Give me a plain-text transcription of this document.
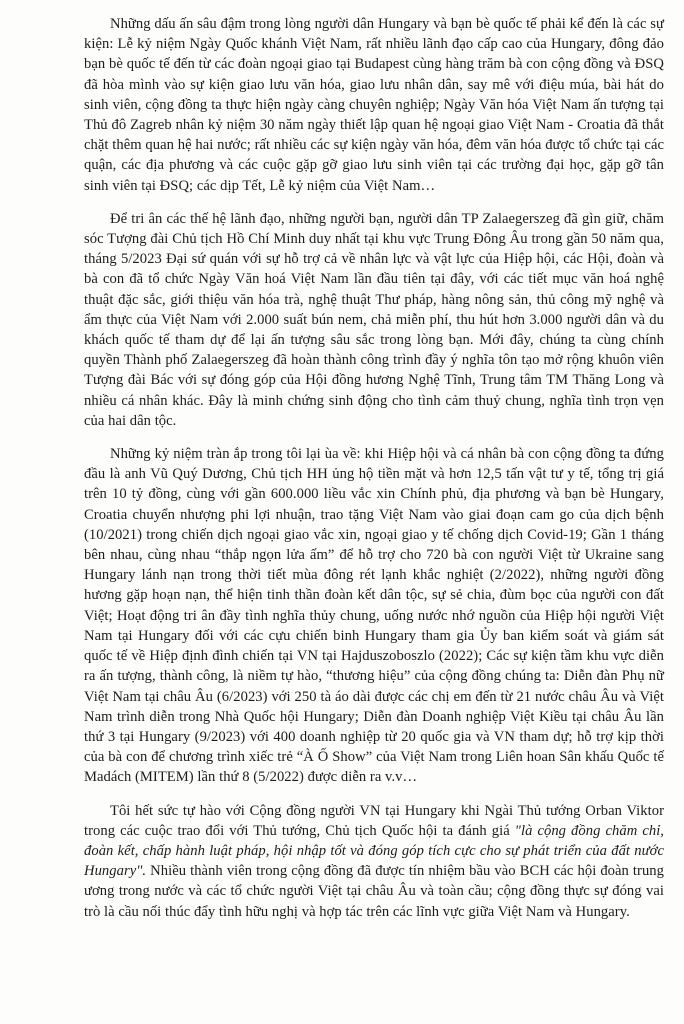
Những dấu ấn sâu đậm trong lòng người dân Hungary và bạn bè quốc tế phải kể đến là các sự kiện: Lễ kỷ niệm Ngày Quốc khánh Việt Nam, rất nhiều lãnh đạo cấp cao của Hungary, đông đảo bạn bè quốc tế đến từ các đoàn ngoại giao tại Budapest cùng hàng trăm bà con cộng đồng và ĐSQ đã hòa mình vào sự kiện giao lưu văn hóa, giao lưu nhân dân, say mê với điệu múa, bài hát do sinh viên, cộng đồng ta thực hiện ngày càng chuyên nghiệp; Ngày Văn hóa Việt Nam ấn tượng tại Thủ đô Zagreb nhân kỷ niệm 30 năm ngày thiết lập quan hệ ngoại giao Việt Nam - Croatia đã thắt chặt thêm quan hệ hai nước; rất nhiều các sự kiện ngày văn hóa, đêm văn hóa được tổ chức tại các quận, các địa phương và các cuộc gặp gỡ giao lưu sinh viên tại các trường đại học, gặp gỡ tân sinh viên tại ĐSQ; các dịp Tết, Lễ kỷ niệm của Việt Nam…

Để tri ân các thế hệ lãnh đạo, những người bạn, người dân TP Zalaegerszeg đã gìn giữ, chăm sóc Tượng đài Chủ tịch Hồ Chí Minh duy nhất tại khu vực Trung Đông Âu trong gần 50 năm qua, tháng 5/2023 Đại sứ quán với sự hỗ trợ cả về nhân lực và vật lực của Hiệp hội, các Hội, đoàn và bà con đã tổ chức Ngày Văn hoá Việt Nam lần đầu tiên tại đây, với các tiết mục văn hoá nghệ thuật đặc sắc, giới thiệu văn hóa trà, nghệ thuật Thư pháp, hàng nông sản, thủ công mỹ nghệ và ẩm thực của Việt Nam với 2.000 suất bún nem, chả miễn phí, thu hút hơn 3.000 người dân và du khách quốc tế tham dự để lại ấn tượng sâu sắc trong lòng bạn. Mới đây, chúng ta cùng chính quyền Thành phố Zalaegerszeg đã hoàn thành công trình đầy ý nghĩa tôn tạo mở rộng khuôn viên Tượng đài Bác với sự đóng góp của Hội đồng hương Nghệ Tĩnh, Trung tâm TM Thăng Long và nhiều cá nhân khác. Đây là minh chứng sinh động cho tình cảm thuỷ chung, nghĩa tình trọn vẹn của hai dân tộc.

Những kỷ niệm tràn ắp trong tôi lại ùa về: khi Hiệp hội và cá nhân bà con cộng đồng ta đứng đầu là anh Vũ Quý Dương, Chủ tịch HH ủng hộ tiền mặt và hơn 12,5 tấn vật tư y tế, tổng trị giá trên 10 tỷ đồng, cùng với gần 600.000 liều vắc xin Chính phủ, địa phương và bạn bè Hungary, Croatia chuyển nhượng phi lợi nhuận, trao tặng Việt Nam vào giai đoạn cam go của dịch bệnh (10/2021) trong chiến dịch ngoại giao vắc xin, ngoại giao y tế chống dịch Covid-19; Gần 1 tháng bên nhau, cùng nhau “thắp ngọn lửa ấm” để hỗ trợ cho 720 bà con người Việt từ Ukraine sang Hungary lánh nạn trong thời tiết mùa đông rét lạnh khắc nghiệt (2/2022), những người đồng hương gặp hoạn nạn, thể hiện tinh thần đoàn kết dân tộc, sự sẻ chia, đùm bọc của người con đất Việt; Hoạt động tri ân đầy tình nghĩa thủy chung, uống nước nhớ nguồn của Hiệp hội người Việt Nam tại Hungary đối với các cựu chiến binh Hungary tham gia Ủy ban kiểm soát và giám sát quốc tế về Hiệp định đình chiến tại VN tại Hajduszoboszlo (2022); Các sự kiện tầm khu vực diễn ra ấn tượng, thành công, là niềm tự hào, “thương hiệu” của cộng đồng chúng ta: Diễn đàn Phụ nữ Việt Nam tại châu Âu (6/2023) với 250 tà áo dài được các chị em đến từ 21 nước châu Âu và Việt Nam trình diễn trong Nhà Quốc hội Hungary; Diễn đàn Doanh nghiệp Việt Kiều tại châu Âu lần thứ 3 tại Hungary (9/2023) với 400 doanh nghiệp từ 20 quốc gia và VN tham dự; hỗ trợ kịp thời của bà con để chương trình xiếc trẻ “À Ố Show” của Việt Nam trong Liên hoan Sân khấu Quốc tế Madách (MITEM) lần thứ 8 (5/2022) được diễn ra v.v…

Tôi hết sức tự hào với Cộng đồng người VN tại Hungary khi Ngài Thủ tướng Orban Viktor trong các cuộc trao đổi với Thủ tướng, Chủ tịch Quốc hội ta đánh giá "là cộng đồng chăm chỉ, đoàn kết, chấp hành luật pháp, hội nhập tốt và đóng góp tích cực cho sự phát triển của đất nước Hungary". Nhiều thành viên trong cộng đồng đã được tín nhiệm bầu vào BCH các hội đoàn trung ương trong nước và các tổ chức người Việt tại châu Âu và toàn cầu; cộng đồng thực sự đóng vai trò là cầu nối thúc đẩy tình hữu nghị và hợp tác trên các lĩnh vực giữa Việt Nam và Hungary.
